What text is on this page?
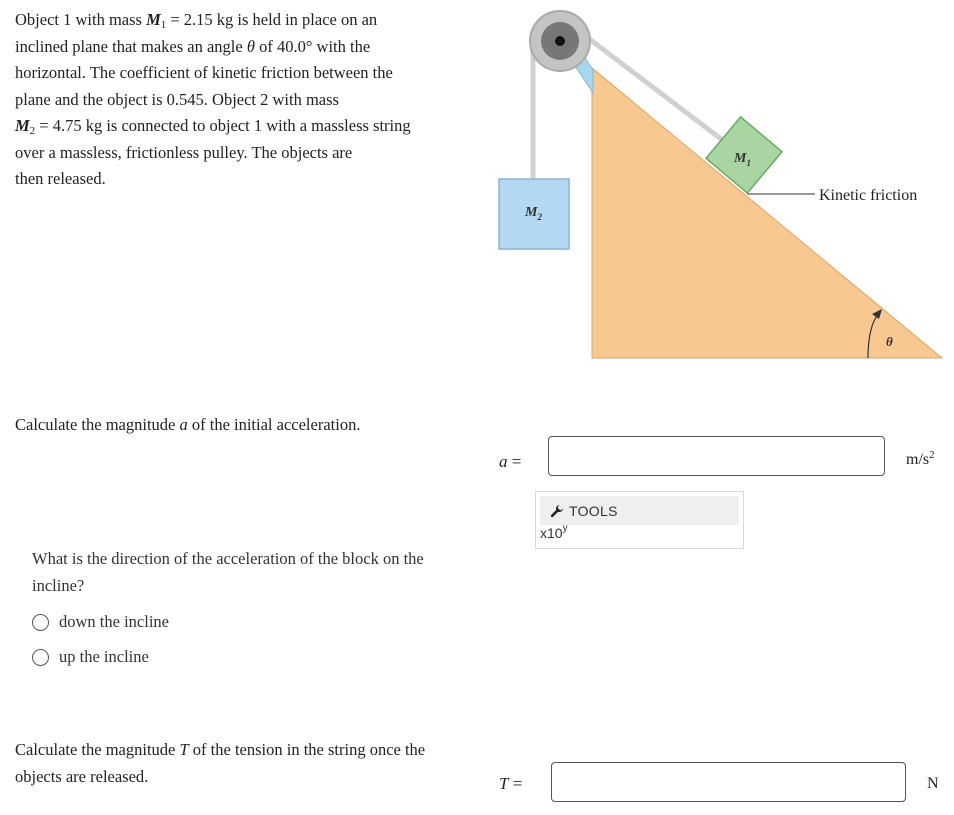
Object 1 with mass $M_1 = 2.15$ kg is held in place on an
inclined plane that makes an angle θ of 40.0° with the
horizontal. The coefficient of kinetic friction between the
plane and the object is 0.545. Object 2 with mass
$M_2 = 4.75$ kg is connected to object 1 with a massless string
over a massless, frictionless pulley. The objects are
then released.
$M_2$
$M_1$
Kinetic friction
θ
Calculate the magnitude a of the initial acceleration.
a =	$m/s^2$
TOOLS
x10$^y$
What is the direction of the acceleration of the block on the incline?
down the incline
up the incline
Calculate the magnitude T of the tension in the string once the objects are released.	T =	N
